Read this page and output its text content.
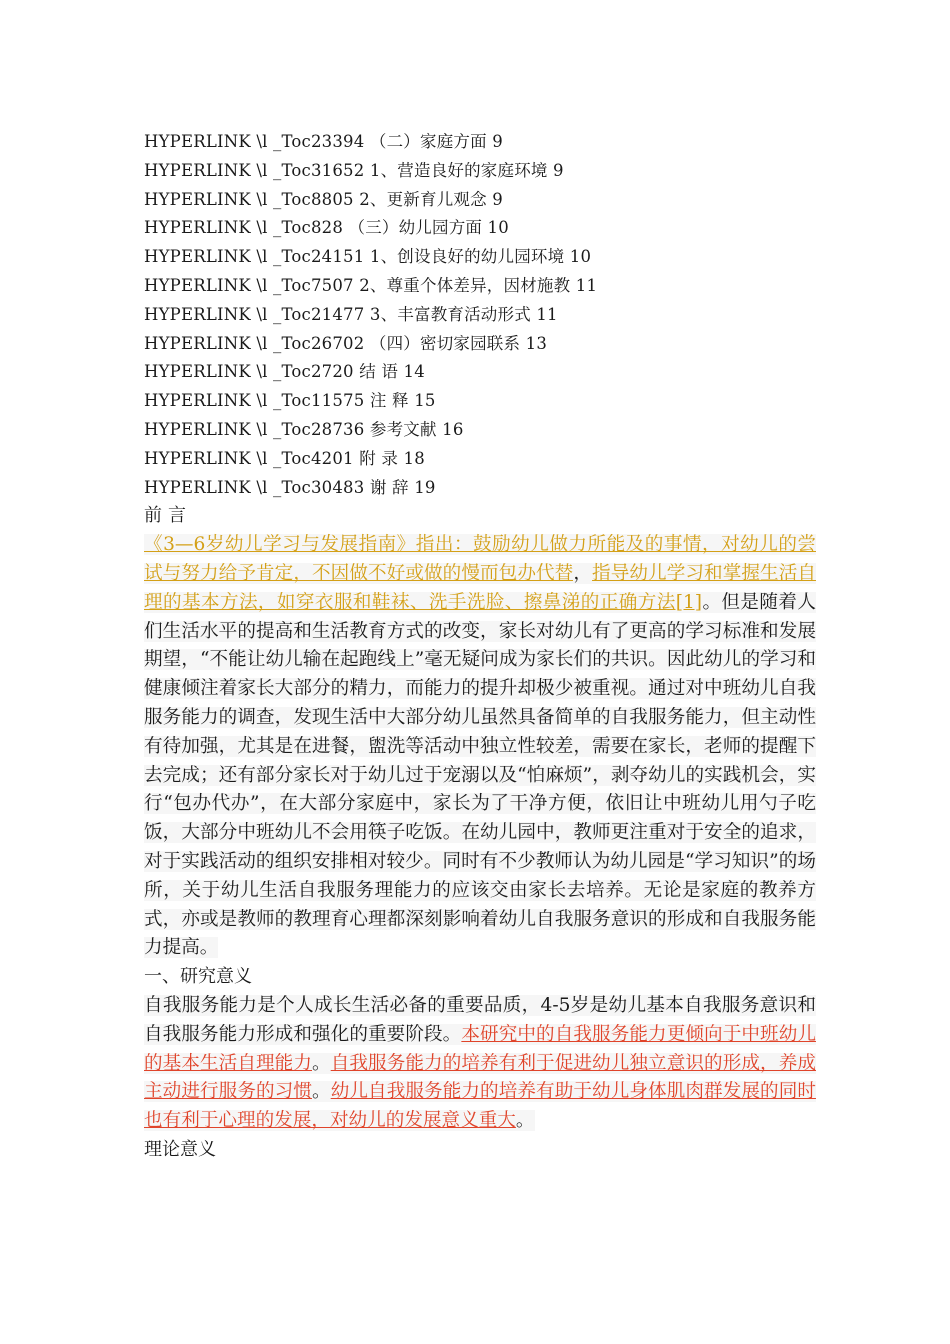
HYPERLINK \l _Toc23394 （二）家庭方面 9
HYPERLINK \l _Toc31652 1、营造良好的家庭环境 9
HYPERLINK \l _Toc8805 2、更新育儿观念 9
HYPERLINK \l _Toc828 （三）幼儿园方面 10
HYPERLINK \l _Toc24151 1、创设良好的幼儿园环境 10
HYPERLINK \l _Toc7507 2、尊重个体差异，因材施教 11
HYPERLINK \l _Toc21477 3、丰富教育活动形式 11
HYPERLINK \l _Toc26702 （四）密切家园联系 13
HYPERLINK \l _Toc2720 结 语 14
HYPERLINK \l _Toc11575 注 释 15
HYPERLINK \l _Toc28736 参考文献 16
HYPERLINK \l _Toc4201 附 录 18
HYPERLINK \l _Toc30483 谢 辞 19
前言

《3—6岁幼儿学习与发展指南》指出：鼓励幼儿做力所能及的事情，对幼儿的尝试与努力给予肯定，不因做不好或做的慢而包办代替，指导幼儿学习和掌握生活自理的基本方法，如穿衣服和鞋袜、洗手洗脸、擦鼻涕的正确方法[1]。但是随着人们生活水平的提高和生活教育方式的改变，家长对幼儿有了更高的学习标准和发展期望，“不能让幼儿输在起跑线上”毫无疑问成为家长们的共识。因此幼儿的学习和健康倾注着家长大部分的精力，而能力的提升却极少被重视。通过对中班幼儿自我服务能力的调查，发现生活中大部分幼儿虽然具备简单的自我服务能力，但主动性有待加强，尤其是在进餐，盥洗等活动中独立性较差，需要在家长，老师的提醒下去完成；还有部分家长对于幼儿过于宠溺以及“怕麻烦”，剥夺幼儿的实践机会，实行“包办代办”，在大部分家庭中，家长为了干净方便，依旧让中班幼儿用勺子吃饭，大部分中班幼儿不会用筷子吃饭。在幼儿园中，教师更注重对于安全的追求，对于实践活动的组织安排相对较少。同时有不少教师认为幼儿园是“学习知识”的场所，关于幼儿生活自我服务理能力的应该交由家长去培养。无论是家庭的教养方式，亦或是教师的教理育心理都深刻影响着幼儿自我服务意识的形成和自我服务能力提高。

一、研究意义

自我服务能力是个人成长生活必备的重要品质，4-5岁是幼儿基本自我服务意识和自我服务能力形成和强化的重要阶段。本研究中的自我服务能力更倾向于中班幼儿的基本生活自理能力。自我服务能力的培养有利于促进幼儿独立意识的形成，养成主动进行服务的习惯。幼儿自我服务能力的培养有助于幼儿身体肌肉群发展的同时也有利于心理的发展，对幼儿的发展意义重大。

理论意义
